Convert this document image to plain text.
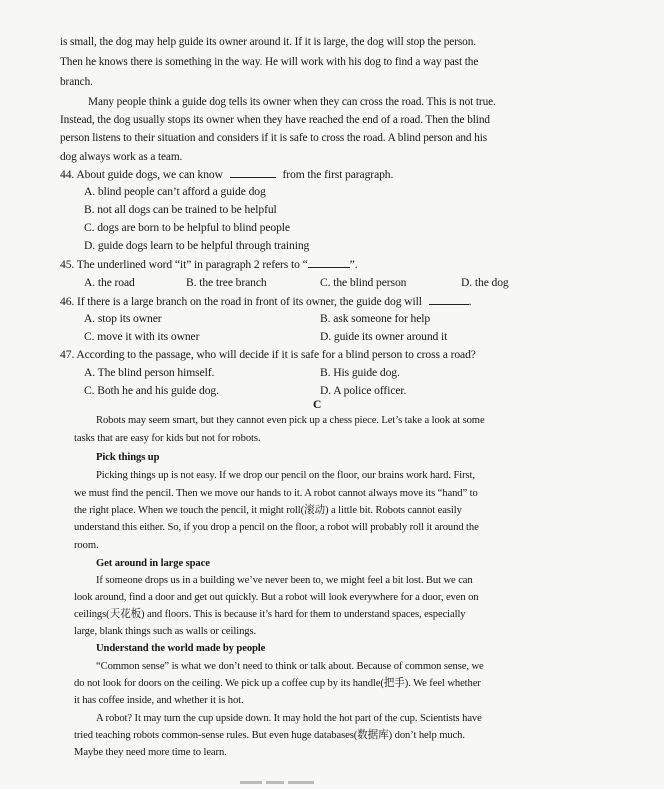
is small, the dog may help guide its owner around it. If it is large, the dog will stop the person.
Then he knows there is something in the way. He will work with his dog to find a way past the
branch.
Many people think a guide dog tells its owner when they can cross the road. This is not true.
Instead, the dog usually stops its owner when they have reached the end of a road. Then the blind
person listens to their situation and considers if it is safe to cross the road. A blind person and his
dog always work as a team.
44. About guide dogs, we can know	from the first paragraph.
A. blind people can’t afford a guide dog
B. not all dogs can be trained to be helpful
C. dogs are born to be helpful to blind people
D. guide dogs learn to be helpful through training
45. The underlined word “it” in paragraph 2 refers to “	”.
A. the road	B. the tree branch	C. the blind person	D. the dog
46. If there is a large branch on the road in front of its owner, the guide dog will	.
A. stop its owner	B. ask someone for help
C. move it with its owner	D. guide its owner around it
47. According to the passage, who will decide if it is safe for a blind person to cross a road?
A. The blind person himself.	B. His guide dog.
C. Both he and his guide dog.	D. A police officer.
C
Robots may seem smart, but they cannot even pick up a chess piece. Let’s take a look at some
tasks that are easy for kids but not for robots.
Pick things up
Picking things up is not easy. If we drop our pencil on the floor, our brains work hard. First,
we must find the pencil. Then we move our hands to it. A robot cannot always move its “hand” to
the right place. When we touch the pencil, it might roll(滚动) a little bit. Robots cannot easily
understand this either. So, if you drop a pencil on the floor, a robot will probably roll it around the
room.
Get around in large space
If someone drops us in a building we’ve never been to, we might feel a bit lost. But we can
look around, find a door and get out quickly. But a robot will look everywhere for a door, even on
ceilings(天花板) and floors. This is because it’s hard for them to understand spaces, especially
large, blank things such as walls or ceilings.
Understand the world made by people
“Common sense” is what we don’t need to think or talk about. Because of common sense, we
do not look for doors on the ceiling. We pick up a coffee cup by its handle(把手). We feel whether
it has coffee inside, and whether it is hot.
A robot? It may turn the cup upside down. It may hold the hot part of the cup. Scientists have
tried teaching robots common-sense rules. But even huge databases(数据库) don’t help much.
Maybe they need more time to learn.
